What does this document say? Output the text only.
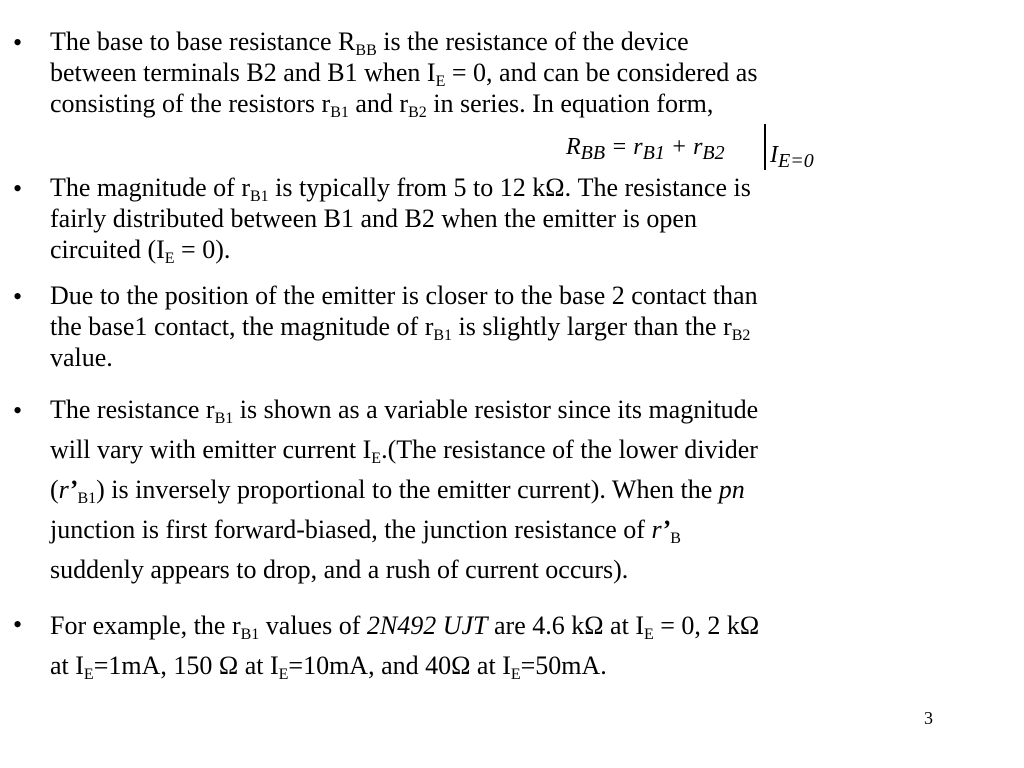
•	The base to base resistance $R_{BB}$ is the resistance of the device
between terminals B2 and B1 when $I_E = 0$, and can be considered as
consisting of the resistors $r_{B1}$ and $r_{B2}$ in series. In equation form,

$R_{BB} = r_{B1} + r_{B2}$ $I_{E=0}$
•	The magnitude of $r_{B1}$ is typically from 5 to 12 kΩ. The resistance is
fairly distributed between B1 and B2 when the emitter is open
circuited $(I_E = 0)$.

•	Due to the position of the emitter is closer to the base 2 contact than
the base1 contact, the magnitude of $r_{B1}$ is slightly larger than the $r_{B2}$
value.

•	The resistance $r_{B1}$ is shown as a variable resistor since its magnitude
will vary with emitter current $I_E.(The$ resistance of the lower divider
$(r’_{B1})$ is inversely proportional to the emitter current). When the pn
junction is first forward-biased, the junction resistance of $r’_B$
suddenly appears to drop, and a rush of current occurs).

•	For example, the $r_{B1}$ values of 2N492 UJT are 4.6 kΩ at $I_E = 0$, 2 kΩ
at $I_E=1mA$, 150 Ω at $I_E=10mA$, and 40Ω at $I_E=50mA$.

3
